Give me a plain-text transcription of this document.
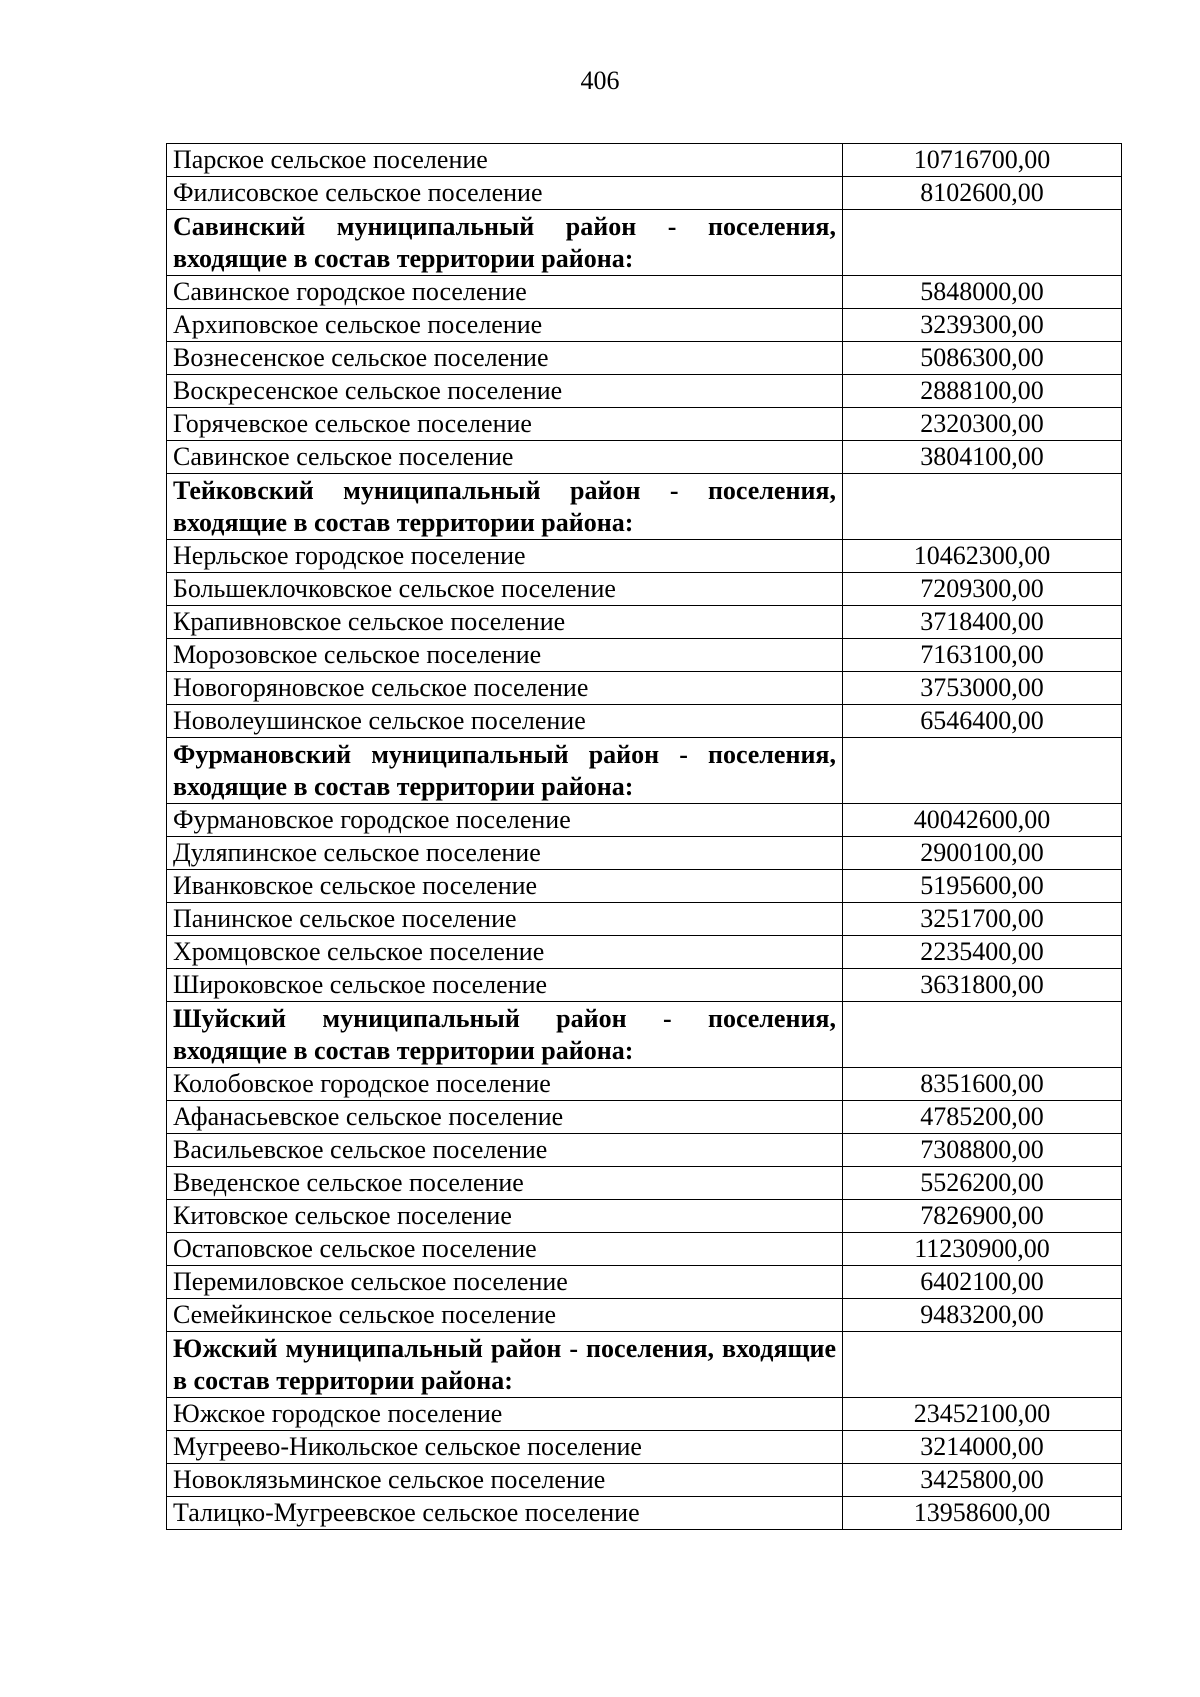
406
Парское сельское поселение	10716700,00
Филисовское сельское поселение	8102600,00
Савинский муниципальный район - поселения, входящие в состав территории района:	
Савинское городское поселение	5848000,00
Архиповское сельское поселение	3239300,00
Вознесенское сельское поселение	5086300,00
Воскресенское сельское поселение	2888100,00
Горячевское сельское поселение	2320300,00
Савинское сельское поселение	3804100,00
Тейковский муниципальный район - поселения, входящие в состав территории района:	
Нерльское городское поселение	10462300,00
Большеклочковское сельское поселение	7209300,00
Крапивновское сельское поселение	3718400,00
Морозовское сельское поселение	7163100,00
Новогоряновское сельское поселение	3753000,00
Новолеушинское сельское поселение	6546400,00
Фурмановский муниципальный район - поселения, входящие в состав территории района:	
Фурмановское городское поселение	40042600,00
Дуляпинское сельское поселение	2900100,00
Иванковское сельское поселение	5195600,00
Панинское сельское поселение	3251700,00
Хромцовское сельское поселение	2235400,00
Широковское сельское поселение	3631800,00
Шуйский муниципальный район - поселения, входящие в состав территории района:	
Колобовское городское поселение	8351600,00
Афанасьевское сельское поселение	4785200,00
Васильевское сельское поселение	7308800,00
Введенское сельское поселение	5526200,00
Китовское сельское поселение	7826900,00
Остаповское сельское поселение	11230900,00
Перемиловское сельское поселение	6402100,00
Семейкинское сельское поселение	9483200,00
Южский муниципальный район - поселения, входящие в состав территории района:	
Южское городское поселение	23452100,00
Мугреево-Никольское сельское поселение	3214000,00
Новоклязьминское сельское поселение	3425800,00
Талицко-Мугреевское сельское поселение	13958600,00
